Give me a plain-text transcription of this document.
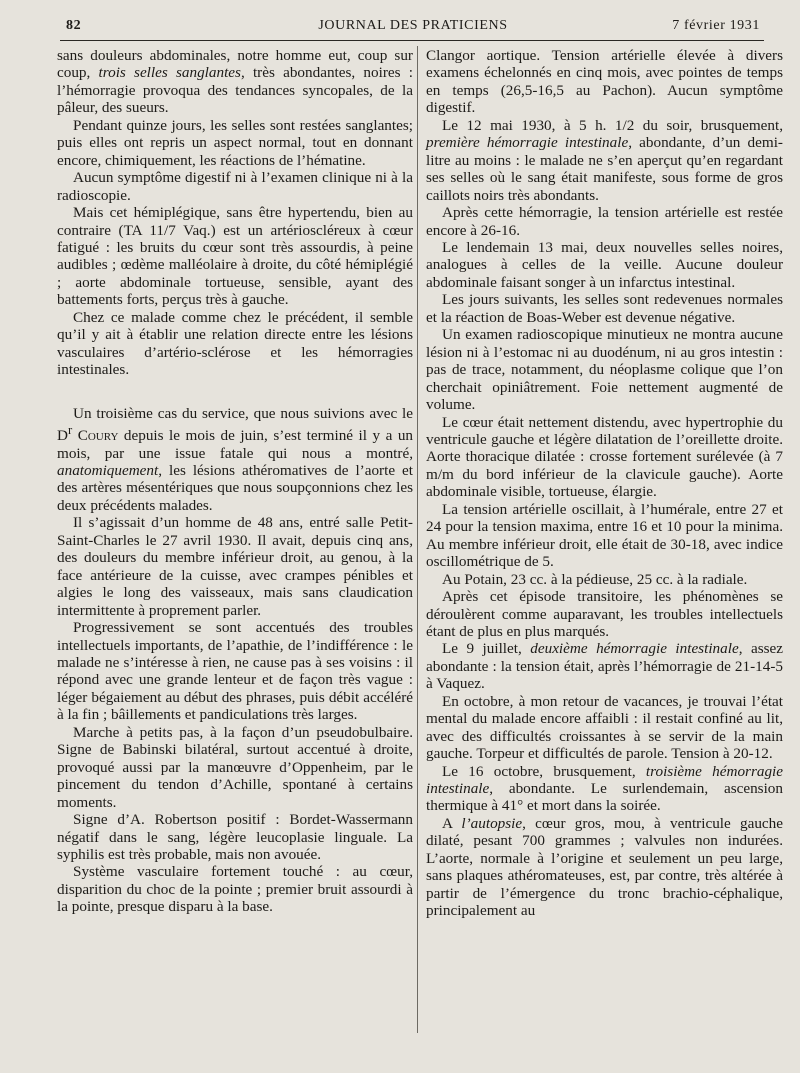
82	JOURNAL DES PRATICIENS	7 février 1931

sans douleurs abdominales, notre homme eut, coup sur coup, trois selles sanglantes, très abondantes, noires : l’hémorragie provoqua des tendances syncopales, de la pâleur, des sueurs.

Pendant quinze jours, les selles sont restées sanglantes; puis elles ont repris un aspect normal, tout en donnant encore, chimiquement, les réactions de l’hématine.

Aucun symptôme digestif ni à l’examen clinique ni à la radioscopie.

Mais cet hémiplégique, sans être hypertendu, bien au contraire (TA 11/7 Vaq.) est un artérioscléreux à cœur fatigué : les bruits du cœur sont très assourdis, à peine audibles ; œdème malléolaire à droite, du côté hémiplégié ; aorte abdominale tortueuse, sensible, ayant des battements forts, perçus très à gauche.

Chez ce malade comme chez le précédent, il semble qu’il y ait à établir une relation directe entre les lésions vasculaires d’artério-sclérose et les hémorragies intestinales.

Un troisième cas du service, que nous suivions avec le $D^r$ Coury depuis le mois de juin, s’est terminé il y a un mois, par une issue fatale qui nous a montré, anatomiquement, les lésions athéromatives de l’aorte et des artères mésentériques que nous soupçonnions chez les deux précédents malades.

Il s’agissait d’un homme de 48 ans, entré salle Petit-Saint-Charles le 27 avril 1930. Il avait, depuis cinq ans, des douleurs du membre inférieur droit, au genou, à la face antérieure de la cuisse, avec crampes pénibles et algies le long des vaisseaux, mais sans claudication intermittente à proprement parler.

Progressivement se sont accentués des troubles intellectuels importants, de l’apathie, de l’indifférence : le malade ne s’intéresse à rien, ne cause pas à ses voisins : il répond avec une grande lenteur et de façon très vague : léger bégaiement au début des phrases, puis débit accéléré à la fin ; bâillements et pandiculations très larges.

Marche à petits pas, à la façon d’un pseudobulbaire. Signe de Babinski bilatéral, surtout accentué à droite, provoqué aussi par la manœuvre d’Oppenheim, par le pincement du tendon d’Achille, spontané à certains moments.

Signe d’A. Robertson positif : Bordet-Wassermann négatif dans le sang, légère leucoplasie linguale. La syphilis est très probable, mais non avouée.

Système vasculaire fortement touché : au cœur, disparition du choc de la pointe ; premier bruit assourdi à la pointe, presque disparu à la base.

Clangor aortique. Tension artérielle élevée à divers examens échelonnés en cinq mois, avec pointes de temps en temps (26,5-16,5 au Pachon). Aucun symptôme digestif.

Le 12 mai 1930, à 5 h. 1/2 du soir, brusquement, première hémorragie intestinale, abondante, d’un demi-litre au moins : le malade ne s’en aperçut qu’en regardant ses selles où le sang était manifeste, sous forme de gros caillots noirs très abondants.

Après cette hémorragie, la tension artérielle est restée encore à 26-16.

Le lendemain 13 mai, deux nouvelles selles noires, analogues à celles de la veille. Aucune douleur abdominale faisant songer à un infarctus intestinal.

Les jours suivants, les selles sont redevenues normales et la réaction de Boas-Weber est devenue négative.

Un examen radioscopique minutieux ne montra aucune lésion ni à l’estomac ni au duodénum, ni au gros intestin : pas de trace, notamment, du néoplasme colique que l’on cherchait opiniâtrement. Foie nettement augmenté de volume.

Le cœur était nettement distendu, avec hypertrophie du ventricule gauche et légère dilatation de l’oreillette droite. Aorte thoracique dilatée : crosse fortement surélevée (à 7 m/m du bord inférieur de la clavicule gauche). Aorte abdominale visible, tortueuse, élargie.

La tension artérielle oscillait, à l’humérale, entre 27 et 24 pour la tension maxima, entre 16 et 10 pour la minima. Au membre inférieur droit, elle était de 30-18, avec indice oscillométrique de 5.

Au Potain, 23 cc. à la pédieuse, 25 cc. à la radiale.

Après cet épisode transitoire, les phénomènes se déroulèrent comme auparavant, les troubles intellectuels étant de plus en plus marqués.

Le 9 juillet, deuxième hémorragie intestinale, assez abondante : la tension était, après l’hémorragie de 21-14-5 à Vaquez.

En octobre, à mon retour de vacances, je trouvai l’état mental du malade encore affaibli : il restait confiné au lit, avec des difficultés croissantes à se servir de la main gauche. Torpeur et difficultés de parole. Tension à 20-12.

Le 16 octobre, brusquement, troisième hémorragie intestinale, abondante. Le surlendemain, ascension thermique à 41° et mort dans la soirée.

A l’autopsie, cœur gros, mou, à ventricule gauche dilaté, pesant 700 grammes ; valvules non indurées. L’aorte, normale à l’origine et seulement un peu large, sans plaques athéromateuses, est, par contre, très altérée à partir de l’émergence du tronc brachio-céphalique, principalement au
